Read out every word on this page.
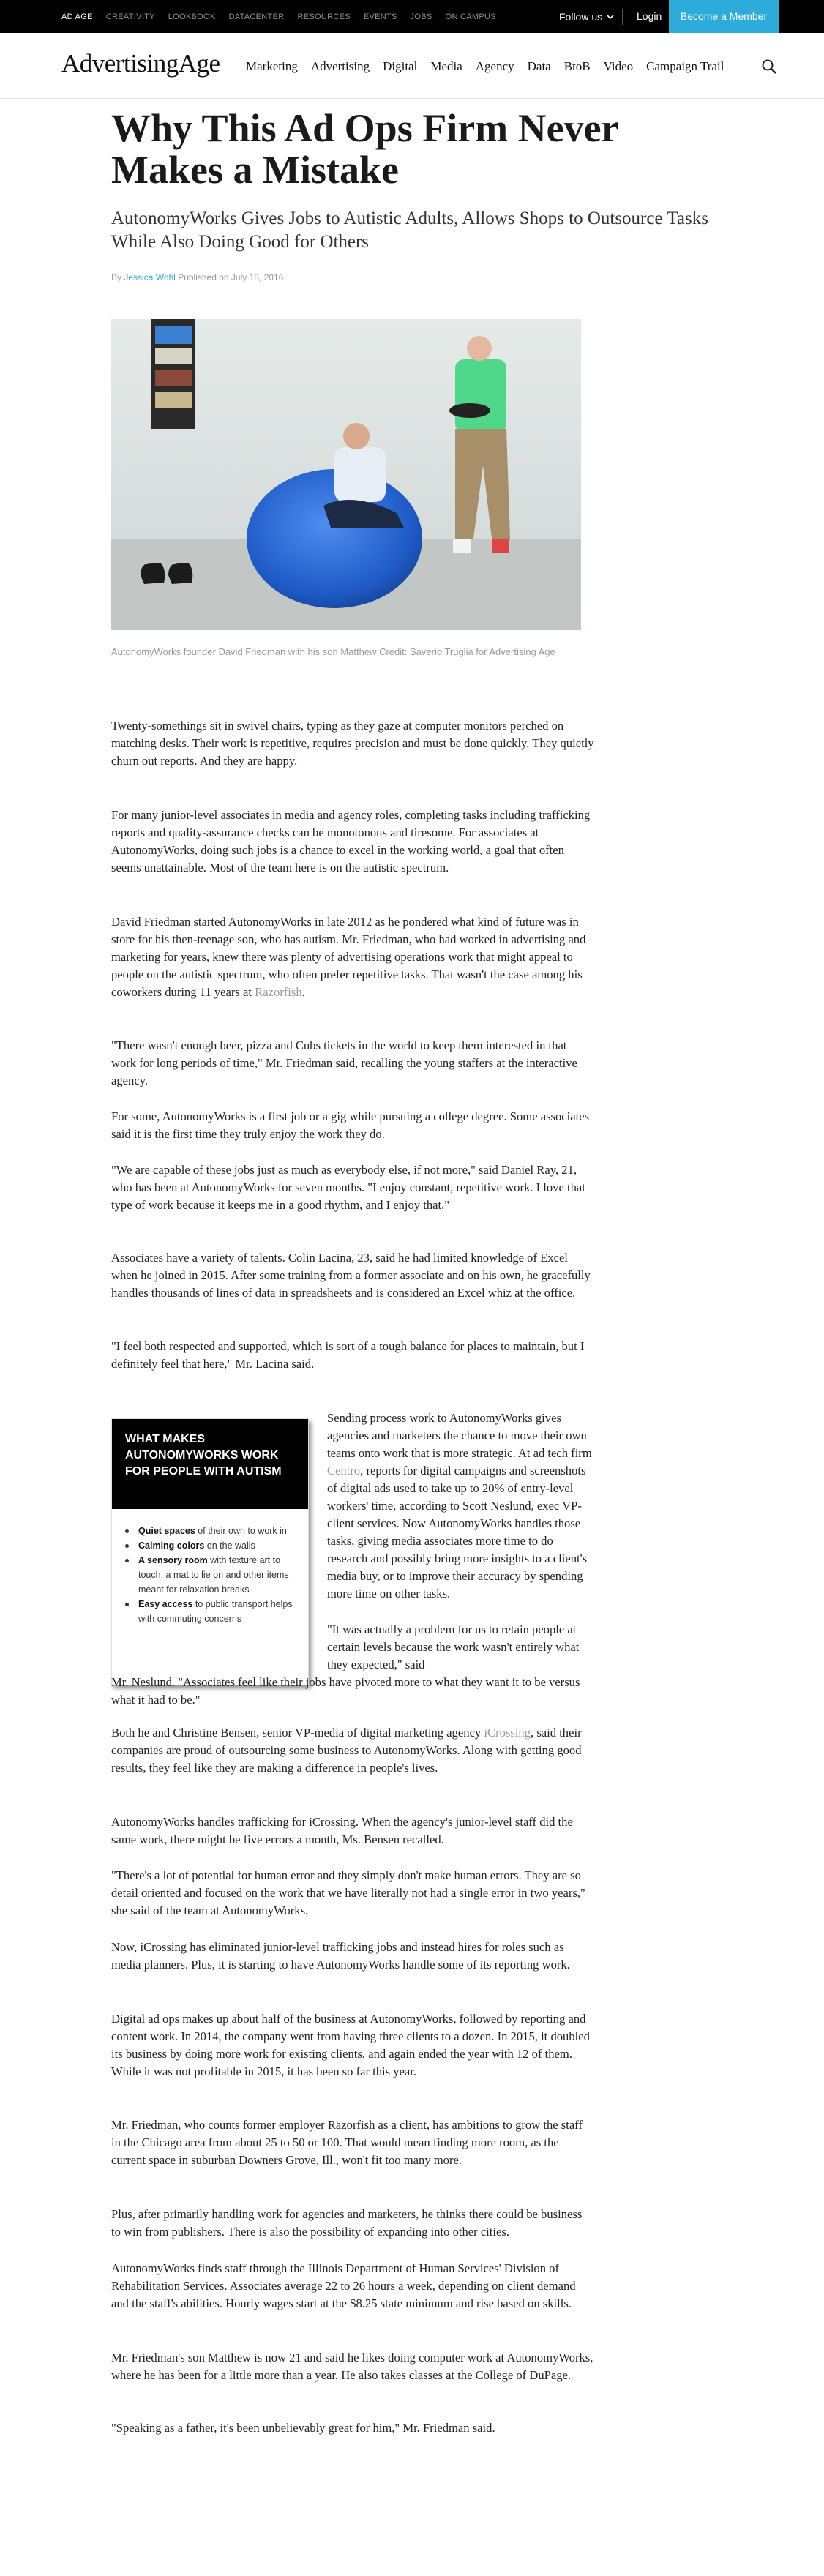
AD AGE CREATIVITY LOOKBOOK DATACENTER RESOURCES EVENTS JOBS ON CAMPUS	Follow us	Login	Become a Member
AdvertisingAge Marketing Advertising Digital Media Agency Data BtoB Video Campaign Trail
Why This Ad Ops Firm Never Makes a Mistake
AutonomyWorks Gives Jobs to Autistic Adults, Allows Shops to Outsource Tasks While Also Doing Good for Others
By Jessica Wohl Published on July 18, 2016
AutonomyWorks founder David Friedman with his son Matthew Credit: Saverio Truglia for Advertising Age

Twenty-somethings sit in swivel chairs, typing as they gaze at computer monitors perched on matching desks. Their work is repetitive, requires precision and must be done quickly. They quietly churn out reports. And they are happy.

For many junior-level associates in media and agency roles, completing tasks including trafficking reports and quality-assurance checks can be monotonous and tiresome. For associates at AutonomyWorks, doing such jobs is a chance to excel in the working world, a goal that often seems unattainable. Most of the team here is on the autistic spectrum.

David Friedman started AutonomyWorks in late 2012 as he pondered what kind of future was in store for his then-teenage son, who has autism. Mr. Friedman, who had worked in advertising and marketing for years, knew there was plenty of advertising operations work that might appeal to people on the autistic spectrum, who often prefer repetitive tasks. That wasn't the case among his coworkers during 11 years at Razorfish.

"There wasn't enough beer, pizza and Cubs tickets in the world to keep them interested in that work for long periods of time," Mr. Friedman said, recalling the young staffers at the interactive agency.

For some, AutonomyWorks is a first job or a gig while pursuing a college degree. Some associates said it is the first time they truly enjoy the work they do.

"We are capable of these jobs just as much as everybody else, if not more," said Daniel Ray, 21, who has been at AutonomyWorks for seven months. "I enjoy constant, repetitive work. I love that type of work because it keeps me in a good rhythm, and I enjoy that."

Associates have a variety of talents. Colin Lacina, 23, said he had limited knowledge of Excel when he joined in 2015. After some training from a former associate and on his own, he gracefully handles thousands of lines of data in spreadsheets and is considered an Excel whiz at the office.

"I feel both respected and supported, which is sort of a tough balance for places to maintain, but I definitely feel that here," Mr. Lacina said.

WHAT MAKES AUTONOMYWORKS WORK FOR PEOPLE WITH AUTISM
Quiet spaces of their own to work in
Calming colors on the walls
A sensory room with texture art to touch, a mat to lie on and other items meant for relaxation breaks
Easy access to public transport helps with commuting concerns

Sending process work to AutonomyWorks gives agencies and marketers the chance to move their own teams onto work that is more strategic. At ad tech firm Centro, reports for digital campaigns and screenshots of digital ads used to take up to 20% of entry-level workers' time, according to Scott Neslund, exec VP-client services. Now AutonomyWorks handles those tasks, giving media associates more time to do research and possibly bring more insights to a client's media buy, or to improve their accuracy by spending more time on other tasks.

"It was actually a problem for us to retain people at certain levels because the work wasn't entirely what they expected," said

Mr. Neslund. "Associates feel like their jobs have pivoted more to what they want it to be versus what it had to be."

Both he and Christine Bensen, senior VP-media of digital marketing agency iCrossing, said their companies are proud of outsourcing some business to AutonomyWorks. Along with getting good results, they feel like they are making a difference in people's lives.

AutonomyWorks handles trafficking for iCrossing. When the agency's junior-level staff did the same work, there might be five errors a month, Ms. Bensen recalled.

"There's a lot of potential for human error and they simply don't make human errors. They are so detail oriented and focused on the work that we have literally not had a single error in two years," she said of the team at AutonomyWorks.

Now, iCrossing has eliminated junior-level trafficking jobs and instead hires for roles such as media planners. Plus, it is starting to have AutonomyWorks handle some of its reporting work.

Digital ad ops makes up about half of the business at AutonomyWorks, followed by reporting and content work. In 2014, the company went from having three clients to a dozen. In 2015, it doubled its business by doing more work for existing clients, and again ended the year with 12 of them. While it was not profitable in 2015, it has been so far this year.

Mr. Friedman, who counts former employer Razorfish as a client, has ambitions to grow the staff in the Chicago area from about 25 to 50 or 100. That would mean finding more room, as the current space in suburban Downers Grove, Ill., won't fit too many more.

Plus, after primarily handling work for agencies and marketers, he thinks there could be business to win from publishers. There is also the possibility of expanding into other cities.

AutonomyWorks finds staff through the Illinois Department of Human Services' Division of Rehabilitation Services. Associates average 22 to 26 hours a week, depending on client demand and the staff's abilities. Hourly wages start at the $8.25 state minimum and rise based on skills.

Mr. Friedman's son Matthew is now 21 and said he likes doing computer work at AutonomyWorks, where he has been for a little more than a year. He also takes classes at the College of DuPage.

"Speaking as a father, it's been unbelievably great for him," Mr. Friedman said.
